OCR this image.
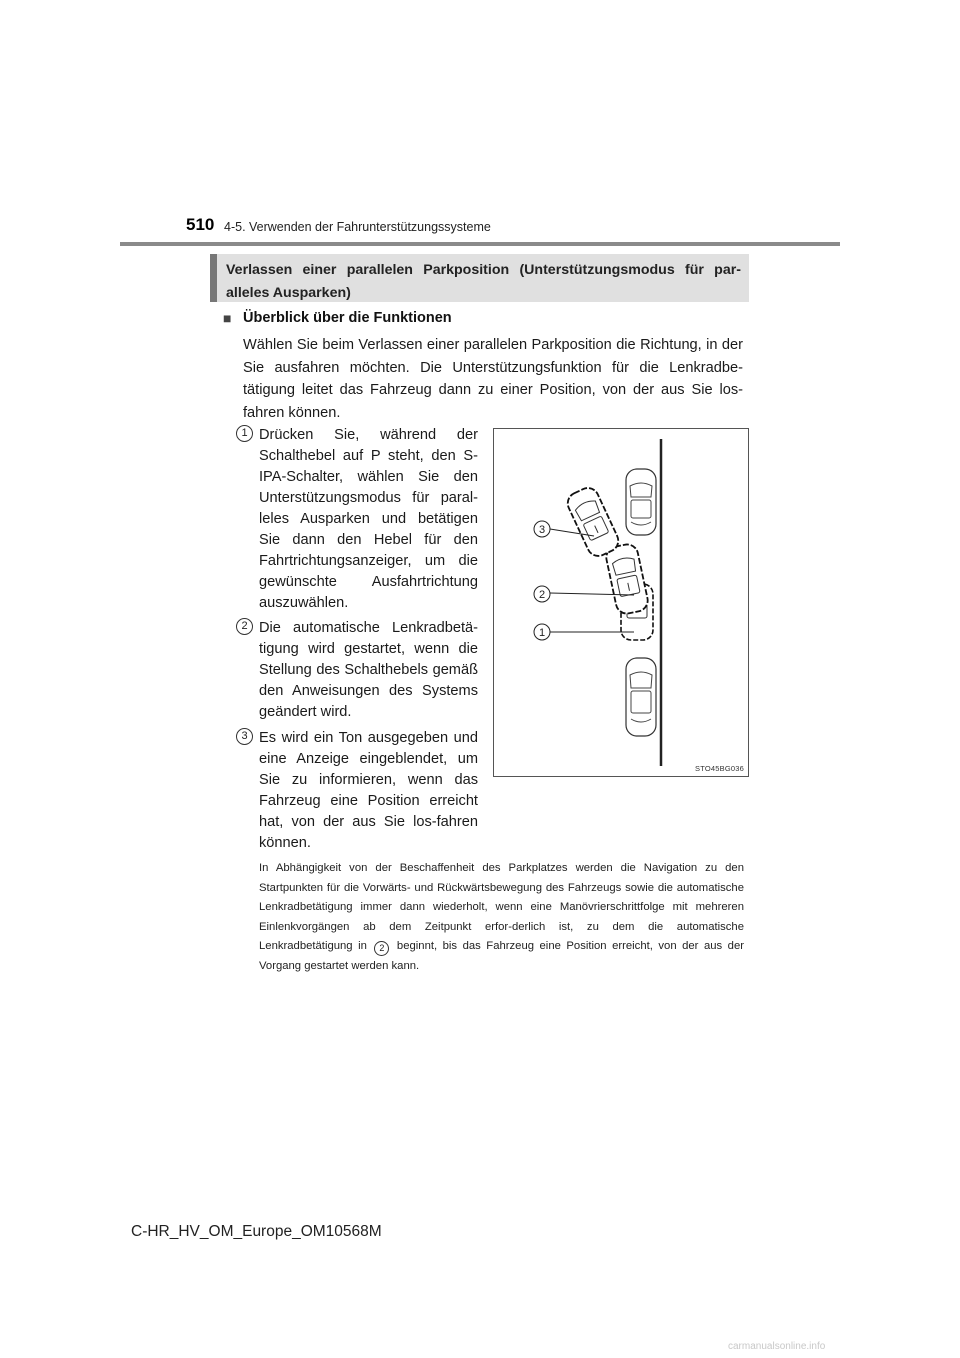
510 4-5. Verwenden der Fahrunterstützungssysteme
Verlassen einer parallelen Parkposition (Unterstützungsmodus für par-alleles Ausparken)
■ Überblick über die Funktionen
Wählen Sie beim Verlassen einer parallelen Parkposition die Richtung, in der Sie ausfahren möchten. Die Unterstützungsfunktion für die Lenkradbe-tätigung leitet das Fahrzeug dann zu einer Position, von der aus Sie los-fahren können.
1 Drücken Sie, während der Schalthebel auf P steht, den S-IPA-Schalter, wählen Sie den Unterstützungsmodus für paral-leles Ausparken und betätigen Sie dann den Hebel für den Fahrtrichtungsanzeiger, um die gewünschte Ausfahrtrichtung auszuwählen.
2 Die automatische Lenkradbetä-tigung wird gestartet, wenn die Stellung des Schalthebels gemäß den Anweisungen des Systems geändert wird.
3 Es wird ein Ton ausgegeben und eine Anzeige eingeblendet, um Sie zu informieren, wenn das Fahrzeug eine Position erreicht hat, von der aus Sie los-fahren können.
3
2
1
STO45BG036
In Abhängigkeit von der Beschaffenheit des Parkplatzes werden die Navigation zu den Startpunkten für die Vorwärts- und Rückwärtsbewegung des Fahrzeugs sowie die automatische Lenkradbetätigung immer dann wiederholt, wenn eine Manövrierschrittfolge mit mehreren Einlenkvorgängen ab dem Zeitpunkt erfor-derlich ist, zu dem die automatische Lenkradbetätigung in 2 beginnt, bis das Fahrzeug eine Position erreicht, von der aus der Vorgang gestartet werden kann.
C-HR_HV_OM_Europe_OM10568M
carmanualsonline.info
